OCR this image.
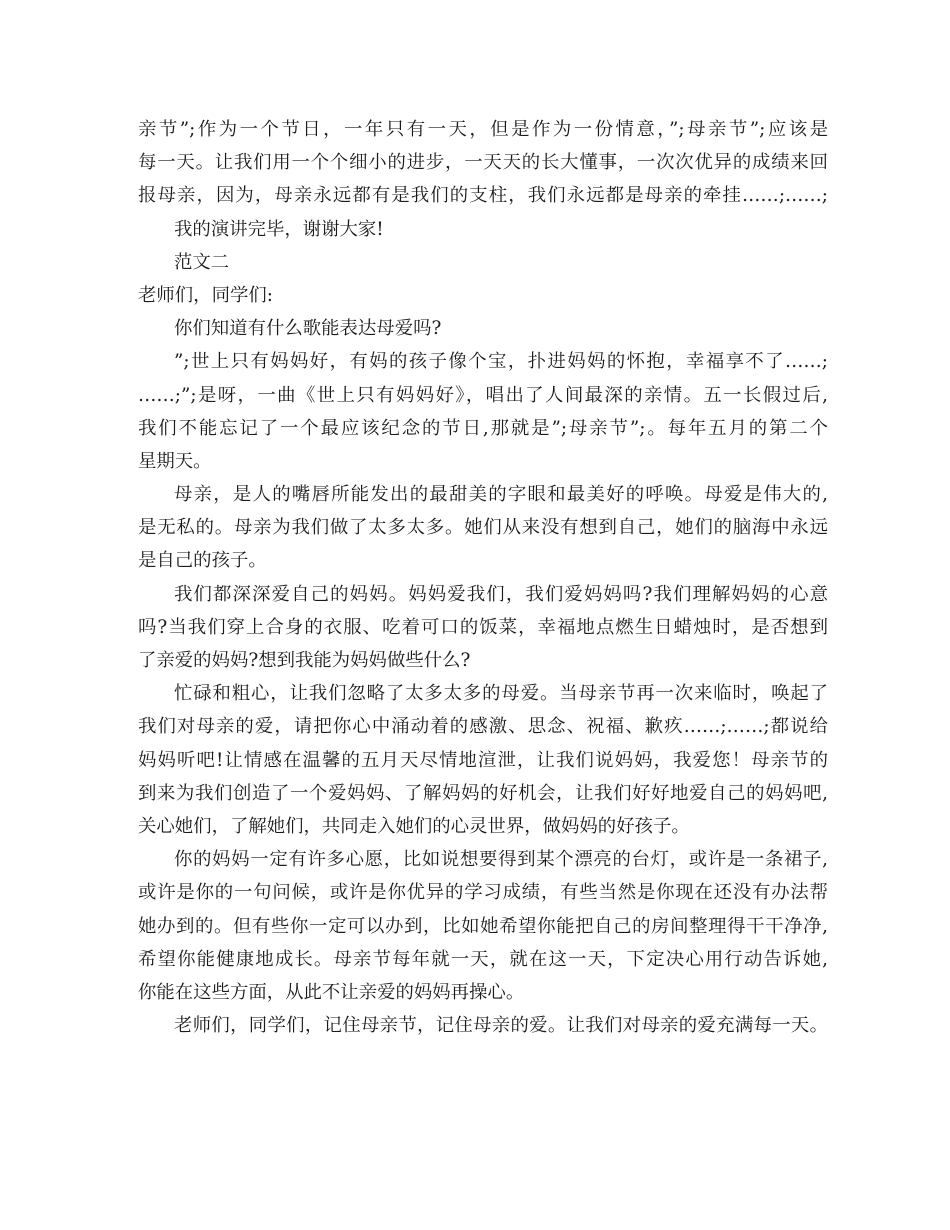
亲节”;作为一个节日，一年只有一天，但是作为一份情意，”;母亲节”;应该是
每一天。让我们用一个个细小的进步，一天天的长大懂事，一次次优异的成绩来回
报母亲，因为，母亲永远都有是我们的支柱，我们永远都是母亲的牵挂……;……;
我的演讲完毕，谢谢大家!
范文二
老师们，同学们:
你们知道有什么歌能表达母爱吗?
”;世上只有妈妈好，有妈的孩子像个宝，扑进妈妈的怀抱，幸福享不了……;
……;”;是呀，一曲《世上只有妈妈好》，唱出了人间最深的亲情。五一长假过后,
我们不能忘记了一个最应该纪念的节日,那就是”;母亲节”;。每年五月的第二个
星期天。
母亲，是人的嘴唇所能发出的最甜美的字眼和最美好的呼唤。母爱是伟大的,
是无私的。母亲为我们做了太多太多。她们从来没有想到自己，她们的脑海中永远
是自己的孩子。
我们都深深爱自己的妈妈。妈妈爱我们，我们爱妈妈吗?我们理解妈妈的心意
吗?当我们穿上合身的衣服、吃着可口的饭菜，幸福地点燃生日蜡烛时，是否想到
了亲爱的妈妈?想到我能为妈妈做些什么?
忙碌和粗心，让我们忽略了太多太多的母爱。当母亲节再一次来临时，唤起了
我们对母亲的爱，请把你心中涌动着的感激、思念、祝福、歉疚……;……;都说给
妈妈听吧!让情感在温馨的五月天尽情地渲泄，让我们说妈妈，我爱您！母亲节的
到来为我们创造了一个爱妈妈、了解妈妈的好机会，让我们好好地爱自己的妈妈吧,
关心她们，了解她们，共同走入她们的心灵世界，做妈妈的好孩子。
你的妈妈一定有许多心愿，比如说想要得到某个漂亮的台灯，或许是一条裙子,
或许是你的一句问候，或许是你优异的学习成绩，有些当然是你现在还没有办法帮
她办到的。但有些你一定可以办到，比如她希望你能把自己的房间整理得干干净净,
希望你能健康地成长。母亲节每年就一天，就在这一天，下定决心用行动告诉她,
你能在这些方面，从此不让亲爱的妈妈再操心。
老师们，同学们，记住母亲节，记住母亲的爱。让我们对母亲的爱充满每一天。
